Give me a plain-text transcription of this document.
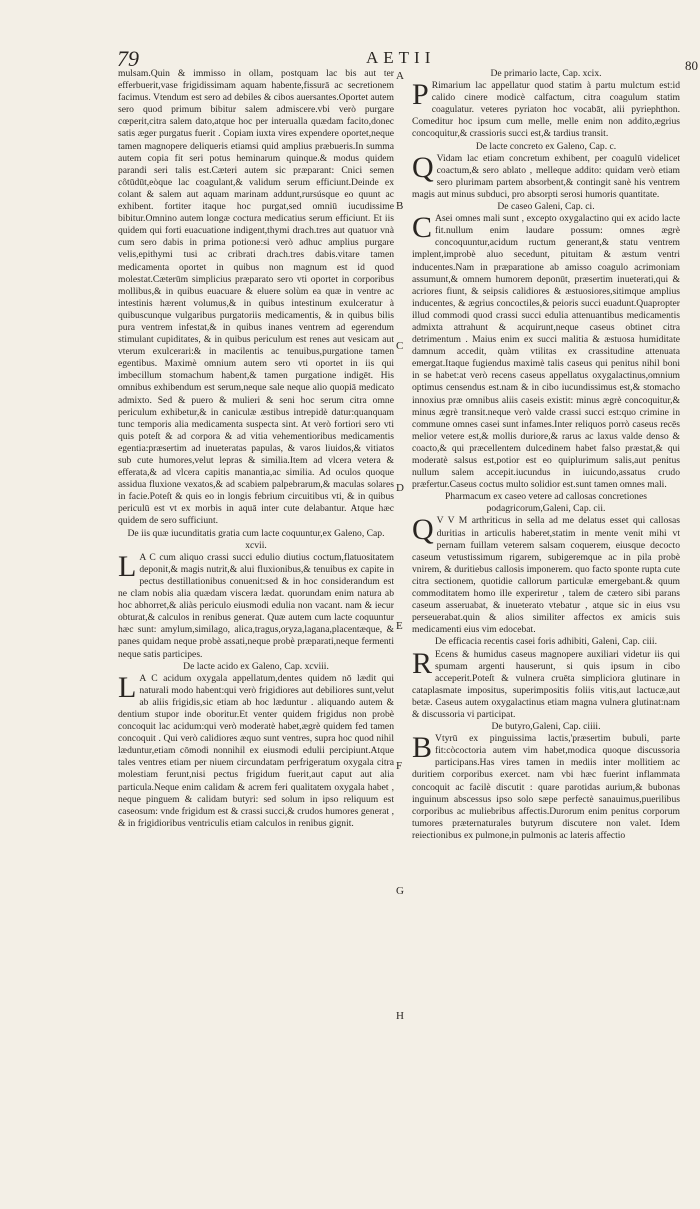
79	AETII	80
A
B
C
D
E
F
G
H

mulsam.Quin & immisso in ollam, postquam lac bis aut ter efferbuerit,vase frigidissimam aquam habente,fissurā ac secretionem facimus. Vtendum est sero ad debiles & cibos auersantes.Oportet autem sero quod primum bibitur salem admiscere.vbi verò purgare cœperit,citra salem dato,atque hoc per interualla quædam facito,donec satis æger purgatus fuerit . Copiam iuxta vires expendere oportet,neque tamen magnopere deliqueris etiamsi quid amplius præbueris.In summa autem copia fit seri potus heminarum quinque.& modus quidem parandi seri talis est.Cæteri autem sic præparant: Cnici semen côtūdūt,eòque lac coagulant,& validum serum efficiunt.Deinde ex colant & salem aut aquam marinam addunt,rursúsque eo quunt ac exhibent. fortiter itaque hoc purgat,sed omniū iucudissime bibitur.Omnino autem longæ coctura medicatius serum efficiunt. Et iis quidem qui forti euacuatione indigent,thymi drach.tres aut quatuor vnà cum sero dabis in prima potione:si verò adhuc amplius purgare velis,epithymi tusi ac cribrati drach.tres dabis.vitare tamen medicamenta oportet in quibus non magnum est id quod molestat.Cæterūm simplicius præparato sero vti oportet in corporibus mollibus,& in quibus euacuare & eluere solùm ea quæ in ventre ac intestinis hærent volumus,& in quibus intestinum exulceratur à quibuscunque vulgaribus purgatoriis medicamentis, & in quibus bilis pura ventrem infestat,& in quibus inanes ventrem ad egerendum stimulant cupiditates, & in quibus periculum est renes aut vesicam aut vterum exulcerari:& in macilentis ac tenuibus,purgatione tamen egentibus. Maximè omnium autem sero vti oportet in iis qui imbecillum stomachum habent,& tamen purgatione indigēt. His omnibus exhibendum est serum,neque sale neque alio quopiā medicato admixto. Sed & puero & mulieri & seni hoc serum citra omne periculum exhibetur,& in caniculæ æstibus intrepidè datur:quanquam tunc temporis alia medicamenta suspecta sint. At verò fortiori sero vti quis poteſt & ad corpora & ad vitia vehementioribus medicamentis egentia:præsertim ad inueteratas papulas, & varos liuidos,& vitiatos sub cute humores,velut lepras & similia.Item ad vlcera vetera & efferata,& ad vlcera capitis manantia,ac similia. Ad oculos quoque assidua fluxione vexatos,& ad scabiem palpebrarum,& maculas solares in facie.Poteſt & quis eo in longis febrium circuitibus vti, & in quibus periculū est vt ex morbis in aquā inter cute delabantur. Atque hæc quidem de sero sufficiunt.

De iis quæ iucunditatis gratia cum lacte coquuntur,ex Galeno, Cap. xcvii.

L A C cum aliquo crassi succi edulio diutius coctum,flatuositatem deponit,& magis nutrit,& alui fluxionibus,& tenuibus ex capite in pectus destillationibus conuenit:sed & in hoc considerandum est ne clam nobis alia quædam viscera lædat. quorundam enim natura ab hoc abhorret,& aliàs periculo eiusmodi edulia non vacant. nam & iecur obturat,& calculos in renibus generat. Quæ autem cum lacte coquuntur hæc sunt: amylum,similago, alica,tragus,oryza,lagana,placentæque, & panes quidam neque probè assati,neque probè præparati,neque fermenti neque satis participes.

De lacte acido ex Galeno, Cap. xcviii.

L A C acidum oxygala appellatum,dentes quidem nō lædit qui naturali modo habent:qui verò frigidiores aut debiliores sunt,velut ab aliis frigidis,sic etiam ab hoc læduntur . aliquando autem & dentium stupor inde oboritur.Et venter quidem frigidus non probè concoquit lac acidum:qui verò moderatè habet,ægrè quidem fed tamen concoquit . Qui verò calidiores æquo sunt ventres, supra hoc quod nihil læduntur,etiam cōmodi nonnihil ex eiusmodi edulii percipiunt.Atque tales ventres etiam per niuem circundatam perfrigeratum oxygala citra molestiam ferunt,nisi pectus frigidum fuerit,aut caput aut alia particula.Neque enim calidam & acrem feri qualitatem oxygala habet , neque pinguem & calidam butyri: sed solum in ipso reliquum est caseosum: vnde frigidum est & crassi succi,& crudos humores generat , & in frigidioribus ventriculis etiam calculos in renibus gignit.

De primario lacte, Cap. xcix.

P Rimarium lac appellatur quod statim à partu mulctum est:id calido cinere modicè calfactum, citra coagulum statim coagulatur. veteres pyriaton hoc vocabāt, alii pyriephthon. Comeditur hoc ipsum cum melle, melle enim non addito,ægrius concoquitur,& crassioris succi est,& tardius transit.

De lacte concreto ex Galeno, Cap. c.

Q Vidam lac etiam concretum exhibent, per coagulū videlicet coactum,& sero ablato , melleque addito: quidam verò etiam sero plurimam partem absorbent,& contingit sanè his ventrem magis aut minus subduci, pro absorpti serosi humoris quantitate.

De caseo Galeni, Cap. ci.

C Asei omnes mali sunt , excepto oxygalactino qui ex acido lacte fit.nullum enim laudare possum: omnes ægrè concoquuntur,acidum ructum generant,& statu ventrem implent,improbè aluo secedunt, pituitam & æstum ventri inducentes.Nam in præparatione ab amisso coagulo acrimoniam assumunt,& omnem humorem deponūt, præsertim inueterati,qui & acriores fiunt, & seipsis calidiores & æstuosiores,sitimque amplius inducentes, & ægrius concoctiles,& peioris succi euadunt.Quapropter illud commodi quod crassi succi edulia attenuantibus medicamentis admixta attrahunt & acquirunt,neque caseus obtinet citra detrimentum . Maius enim ex succi malitia & æstuosa humiditate damnum accedit, quàm vtilitas ex crassitudine attenuata emergat.Itaque fugiendus maximè talis caseus qui penitus nihil boni in se habet:at verò recens caseus appellatus oxygalactinus,omnium optimus censendus est.nam & in cibo iucundissimus est,& stomacho innoxius præ omnibus aliis caseis existit: minus ægrè concoquitur,& minus ægrè transit.neque verò valde crassi succi est:quo crimine in commune omnes casei sunt infames.Inter reliquos porrò caseus recēs melior vetere est,& mollis duriore,& rarus ac laxus valde denso & coacto,& qui præcellentem dulcedinem habet falso præstat,& qui moderatè salsus est,potior est eo quiplurimum salis,aut penitus nullum salem accepit.iucundus in iuicundo,assatus crudo præfertur.Caseus coctus multo solidior est.sunt tamen omnes mali.

Pharmacum ex caseo vetere ad callosas concretiones podagricorum,Galeni, Cap. cii.

Q V V M arthriticus in sella ad me delatus esset qui callosas duritias in articulis haberet,statim in mente venit mihi vt pernam fuillam veterem salsam coquerem, eiusque decocto caseum vetustissimum rigarem, subigeremque ac in pila probè vnirem, & duritiebus callosis imponerem. quo facto sponte rupta cute citra sectionem, quotidie callorum particulæ emergebant.& quum commoditatem homo ille experiretur , talem de cætero sibi parans caseum asseruabat, & inueterato vtebatur , atque sic in eius vsu perseuerabat.quin & alios similiter affectos ex amicis suis medicamenti eius vim edocebat.

De efficacia recentis casei foris adhibiti, Galeni, Cap. ciii.

R Ecens & humidus caseus magnopere auxiliari videtur iis qui spumam argenti hauserunt, si quis ipsum in cibo acceperit.Poteſt & vulnera cruēta simpliciora glutinare in cataplasmate impositus, superimpositis foliis vitis,aut lactucæ,aut betæ. Caseus autem oxygalactinus etiam magna vulnera glutinat:nam & discussoria vi participat.

De butyro,Galeni, Cap. ciiii.

B Vtyrū ex pinguissima lactis,'præsertim bubuli, parte fit:còcoctoria autem vim habet,modica quoque discussoria participans.Has vires tamen in mediis inter mollitiem ac duritiem corporibus exercet. nam vbi hæc fuerint inflammata concoquit ac facilè discutit : quare parotidas aurium,& bubonas inguinum abscessus ipso solo sæpe perfectè sanauimus,puerilibus corporibus ac muliebribus affectis.Durorum enim penitus corporum tumores præternaturales butyrum discutere non valet. Idem reiectionibus ex pulmone,in pulmonis ac lateris affectio
